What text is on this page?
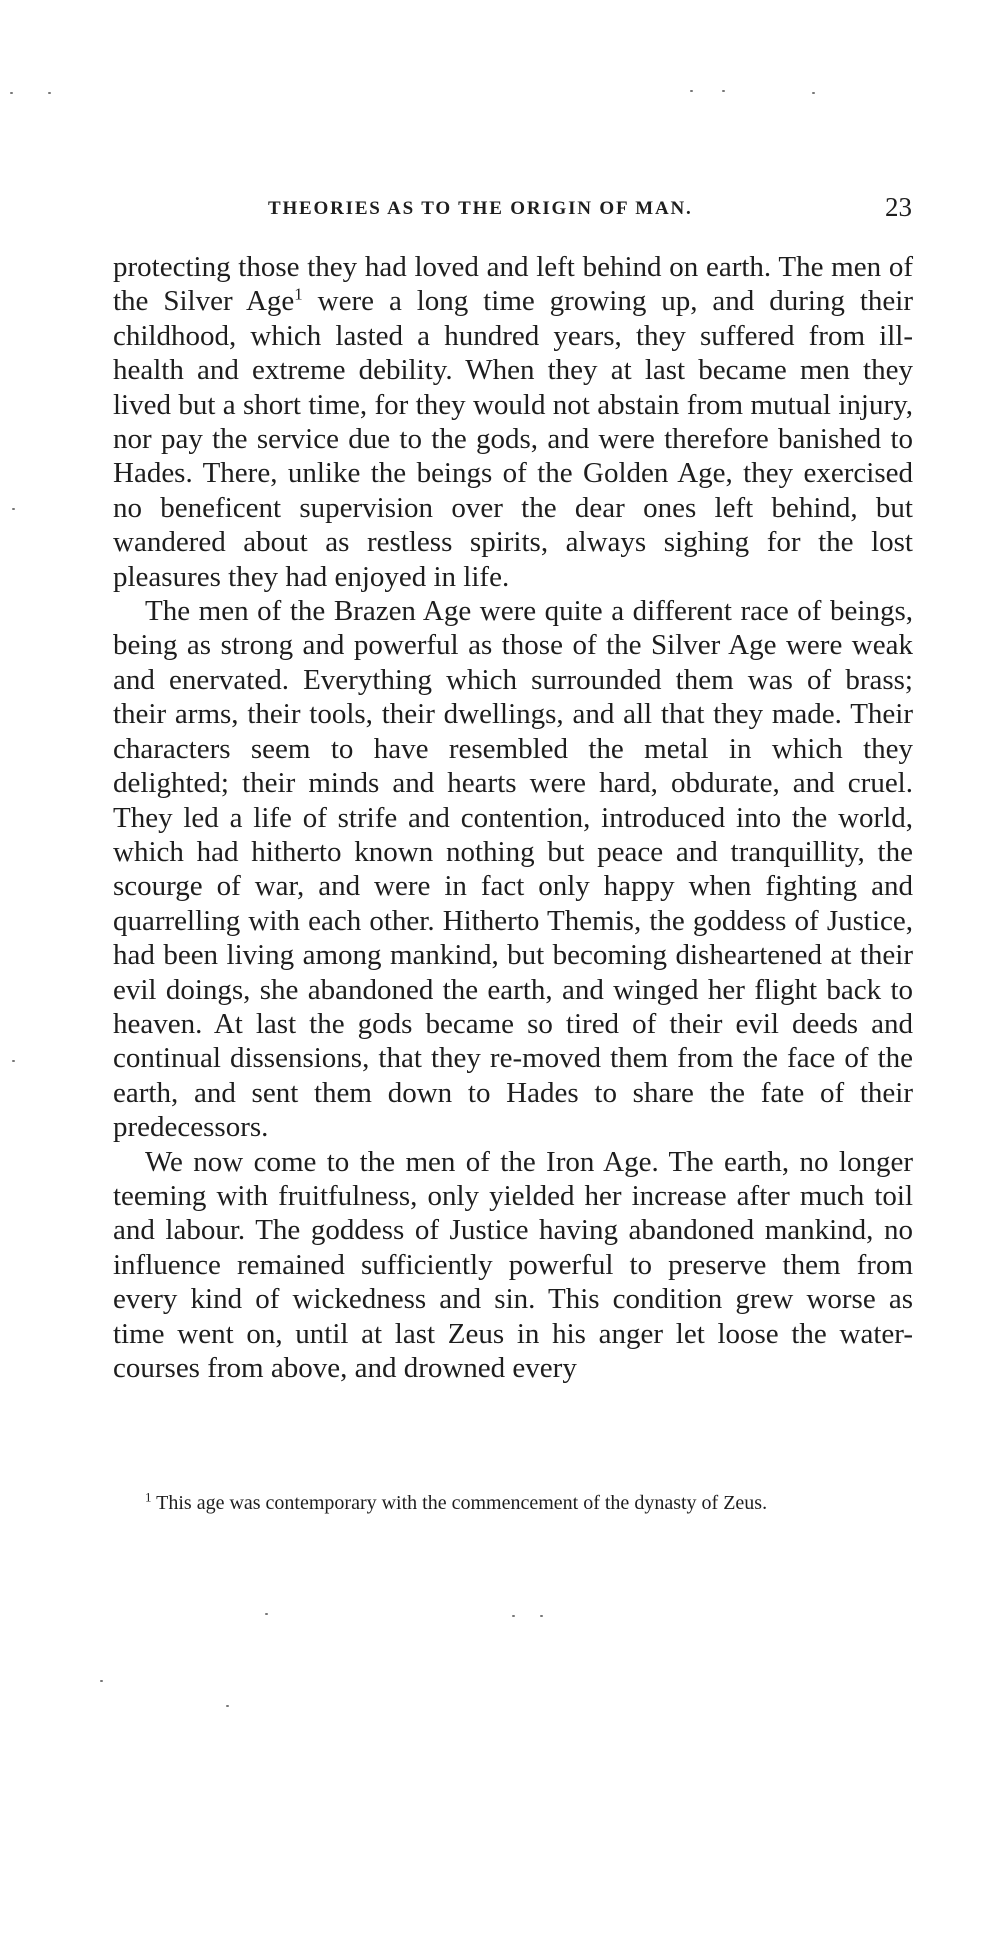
THEORIES AS TO THE ORIGIN OF MAN.	23

protecting those they had loved and left behind on earth. The men of the Silver Age$^1$ were a long time growing up, and during their childhood, which lasted a hundred years, they suffered from ill-health and extreme debility. When they at last became men they lived but a short time, for they would not abstain from mutual injury, nor pay the service due to the gods, and were therefore banished to Hades. There, unlike the beings of the Golden Age, they exercised no beneficent supervision over the dear ones left behind, but wandered about as restless spirits, always sighing for the lost pleasures they had enjoyed in life.

The men of the Brazen Age were quite a different race of beings, being as strong and powerful as those of the Silver Age were weak and enervated. Everything which surrounded them was of brass; their arms, their tools, their dwellings, and all that they made. Their characters seem to have resembled the metal in which they delighted; their minds and hearts were hard, obdurate, and cruel. They led a life of strife and contention, introduced into the world, which had hitherto known nothing but peace and tranquillity, the scourge of war, and were in fact only happy when fighting and quarrelling with each other. Hitherto Themis, the goddess of Justice, had been living among mankind, but becoming disheartened at their evil doings, she abandoned the earth, and winged her flight back to heaven. At last the gods became so tired of their evil deeds and continual dissensions, that they re-moved them from the face of the earth, and sent them down to Hades to share the fate of their predecessors.

We now come to the men of the Iron Age. The earth, no longer teeming with fruitfulness, only yielded her increase after much toil and labour. The goddess of Justice having abandoned mankind, no influence remained sufficiently powerful to preserve them from every kind of wickedness and sin. This condition grew worse as time went on, until at last Zeus in his anger let loose the water-courses from above, and drowned every

$^1$ This age was contemporary with the commencement of the dynasty of Zeus.
